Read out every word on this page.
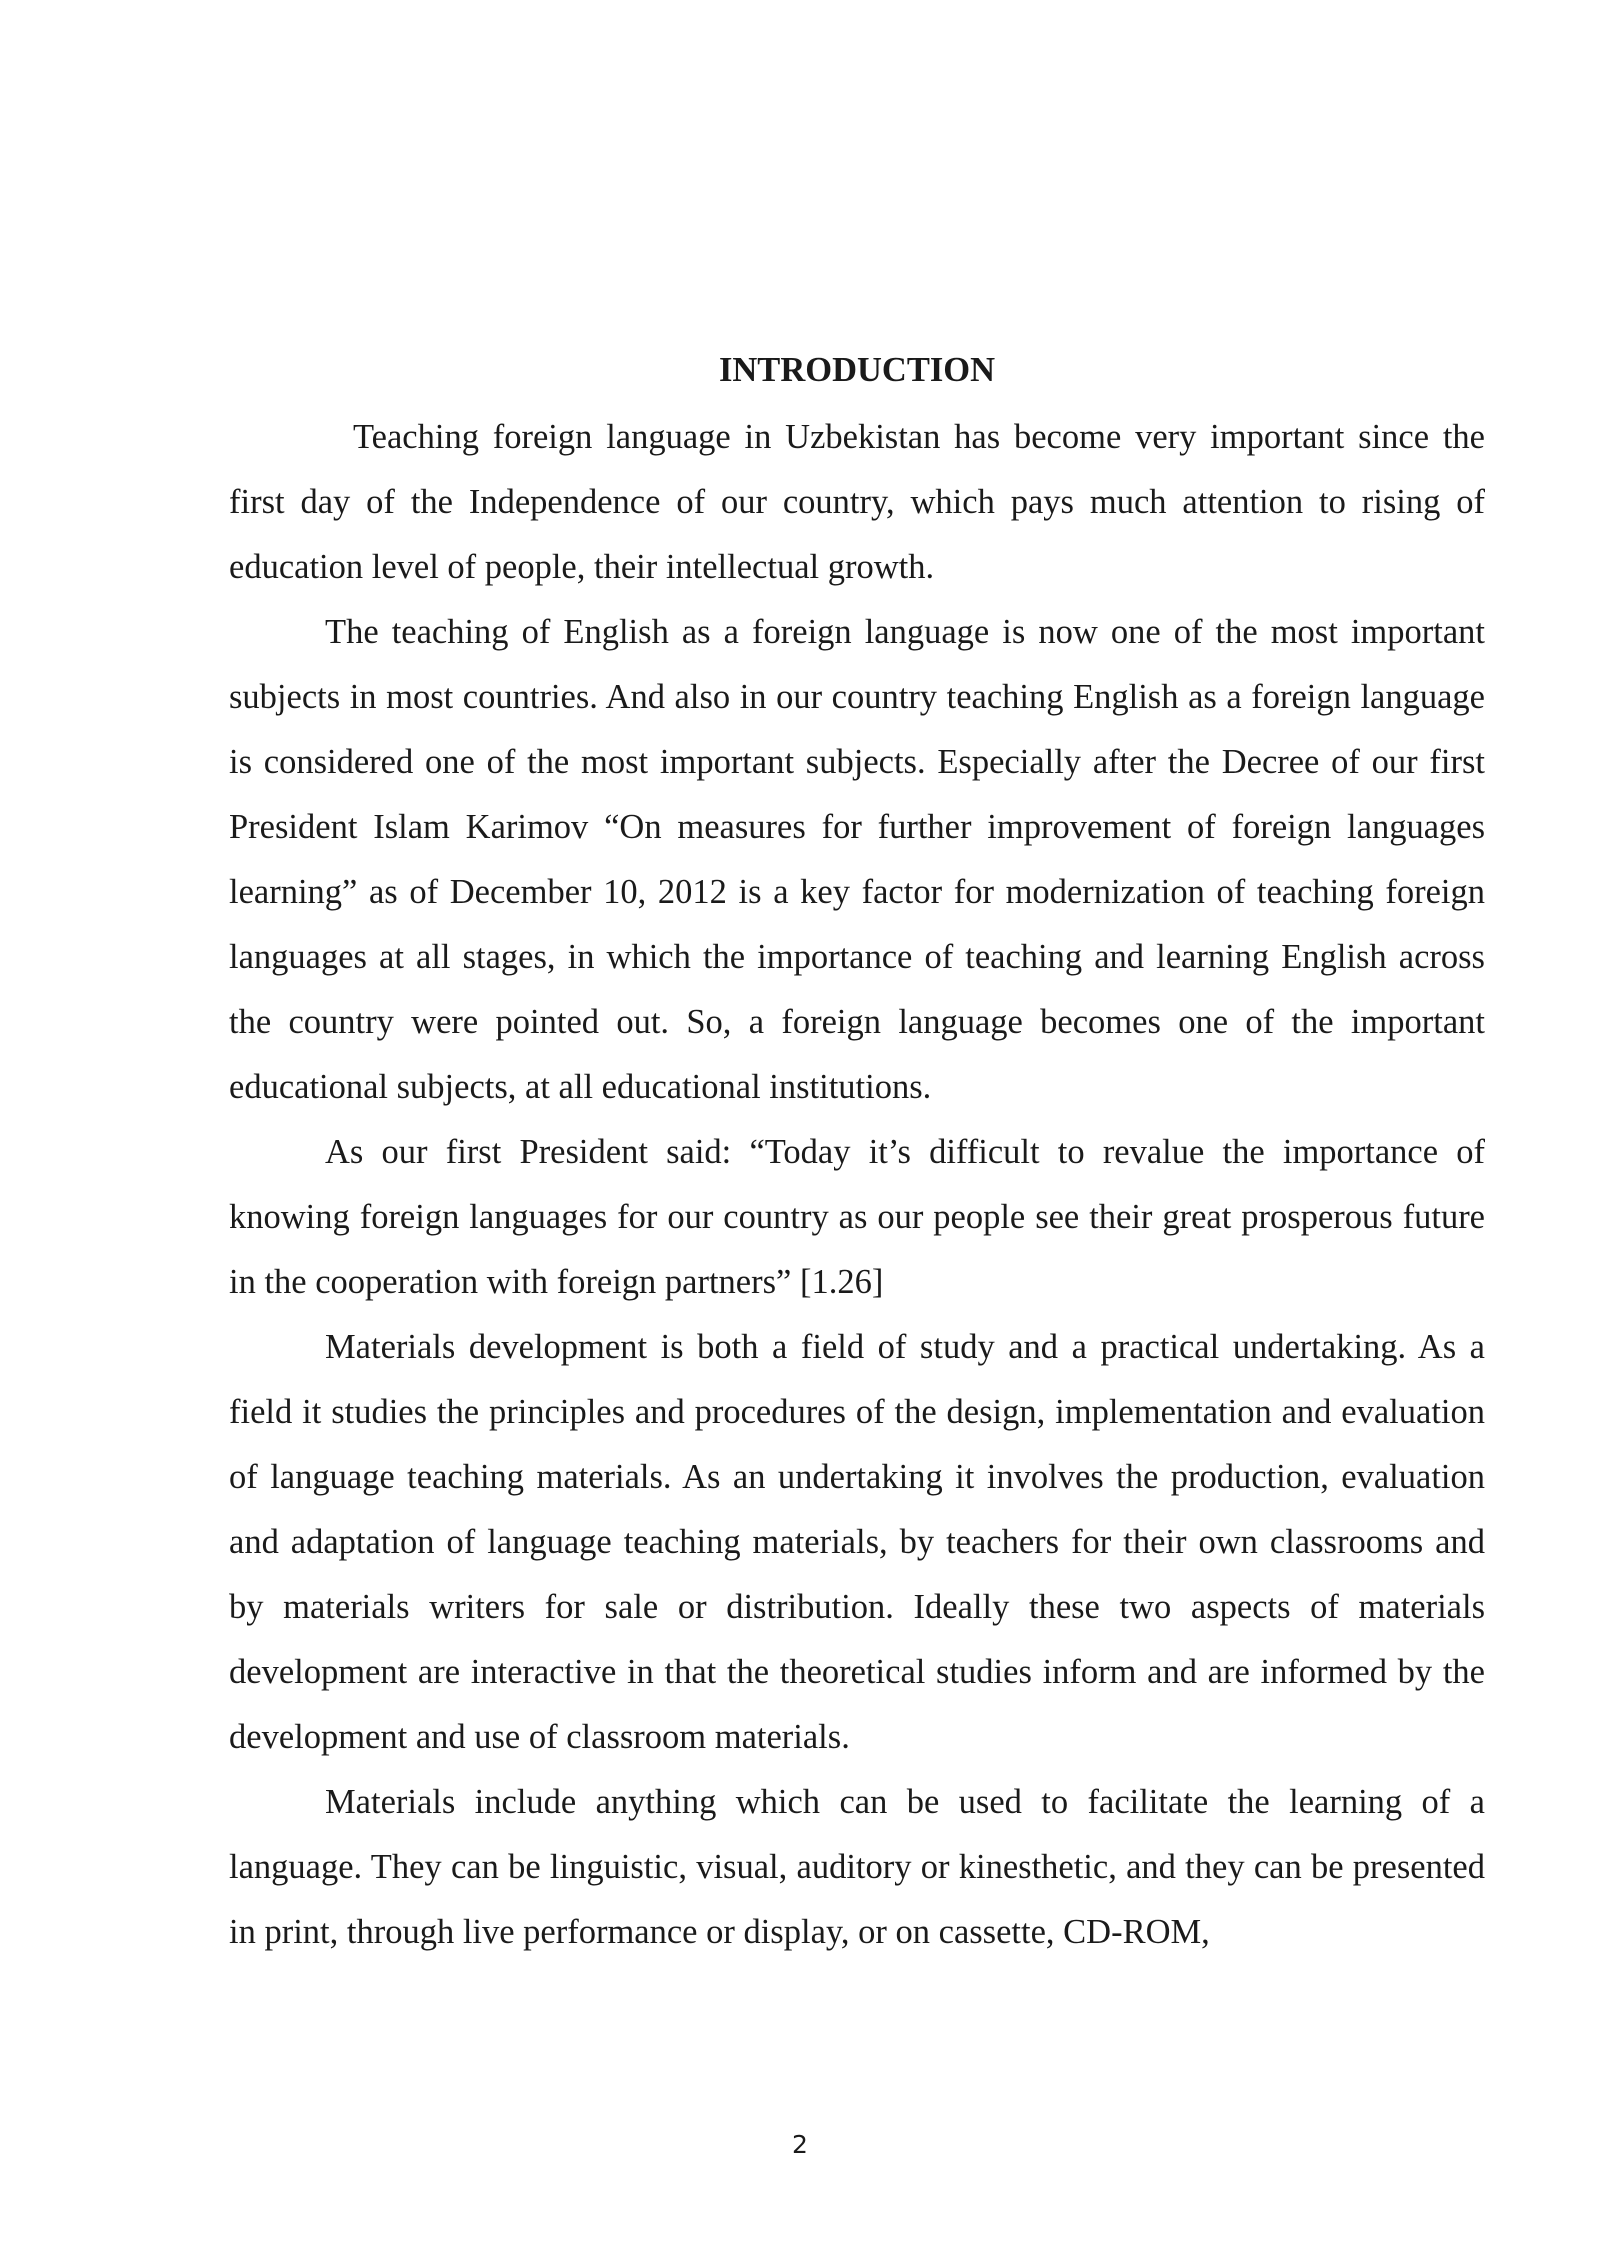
INTRODUCTION

Teaching foreign language in Uzbekistan has become very important since the first day of the Independence of our country, which pays much attention to rising of education level of people, their intellectual growth.

The teaching of English as a foreign language is now one of the most important subjects in most countries. And also in our country teaching English as a foreign language is considered one of the most important subjects. Especially after the Decree of our first President Islam Karimov “On measures for further improvement of foreign languages learning” as of December 10, 2012 is a key factor for modernization of teaching foreign languages at all stages, in which the importance of teaching and learning English across the country were pointed out. So, a foreign language becomes one of the important educational subjects, at all educational institutions.

As our first President said: “Today it’s difficult to revalue the importance of knowing foreign languages for our country as our people see their great prosperous future in the cooperation with foreign partners” [1.26]

Materials development is both a field of study and a practical undertaking. As a field it studies the principles and procedures of the design, implementation and evaluation of language teaching materials. As an undertaking it involves the production, evaluation and adaptation of language teaching materials, by teachers for their own classrooms and by materials writers for sale or distribution. Ideally these two aspects of materials development are interactive in that the theoretical studies inform and are informed by the development and use of classroom materials.

Materials include anything which can be used to facilitate the learning of a language. They can be linguistic, visual, auditory or kinesthetic, and they can be presented in print, through live performance or display, or on cassette, CD-ROM,

2
